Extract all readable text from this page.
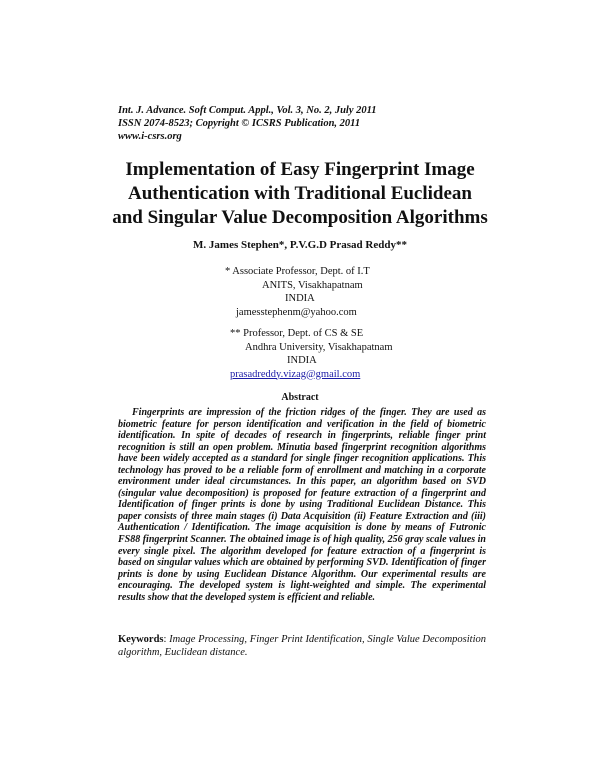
Int. J. Advance. Soft Comput. Appl., Vol. 3, No. 2, July 2011
ISSN 2074-8523; Copyright © ICSRS Publication, 2011
www.i-csrs.org
Implementation of Easy Fingerprint Image
Authentication with Traditional Euclidean
and Singular Value Decomposition Algorithms
M. James Stephen*, P.V.G.D Prasad Reddy**
* Associate Professor, Dept. of I.T
ANITS, Visakhapatnam
INDIA
jamesstephenm@yahoo.com
** Professor, Dept. of CS & SE
Andhra University, Visakhapatnam
INDIA
prasadreddy.vizag@gmail.com
Abstract
Fingerprints are impression of the friction ridges of the finger. They are used as biometric feature for person identification and verification in the field of biometric identification. In spite of decades of research in fingerprints, reliable finger print recognition is still an open problem. Minutia based fingerprint recognition algorithms have been widely accepted as a standard for single finger recognition applications. This technology has proved to be a reliable form of enrollment and matching in a corporate environment under ideal circumstances. In this paper, an algorithm based on SVD (singular value decomposition) is proposed for feature extraction of a fingerprint and Identification of finger prints is done by using Traditional Euclidean Distance. This paper consists of three main stages (i) Data Acquisition (ii) Feature Extraction and (iii) Authentication / Identification. The image acquisition is done by means of Futronic FS88 fingerprint Scanner. The obtained image is of high quality, 256 gray scale values in every single pixel. The algorithm developed for feature extraction of a fingerprint is based on singular values which are obtained by performing SVD. Identification of finger prints is done by using Euclidean Distance Algorithm. Our experimental results are encouraging. The developed system is light-weighted and simple. The experimental results show that the developed system is efficient and reliable.
Keywords: Image Processing, Finger Print Identification, Single Value Decomposition algorithm, Euclidean distance.
